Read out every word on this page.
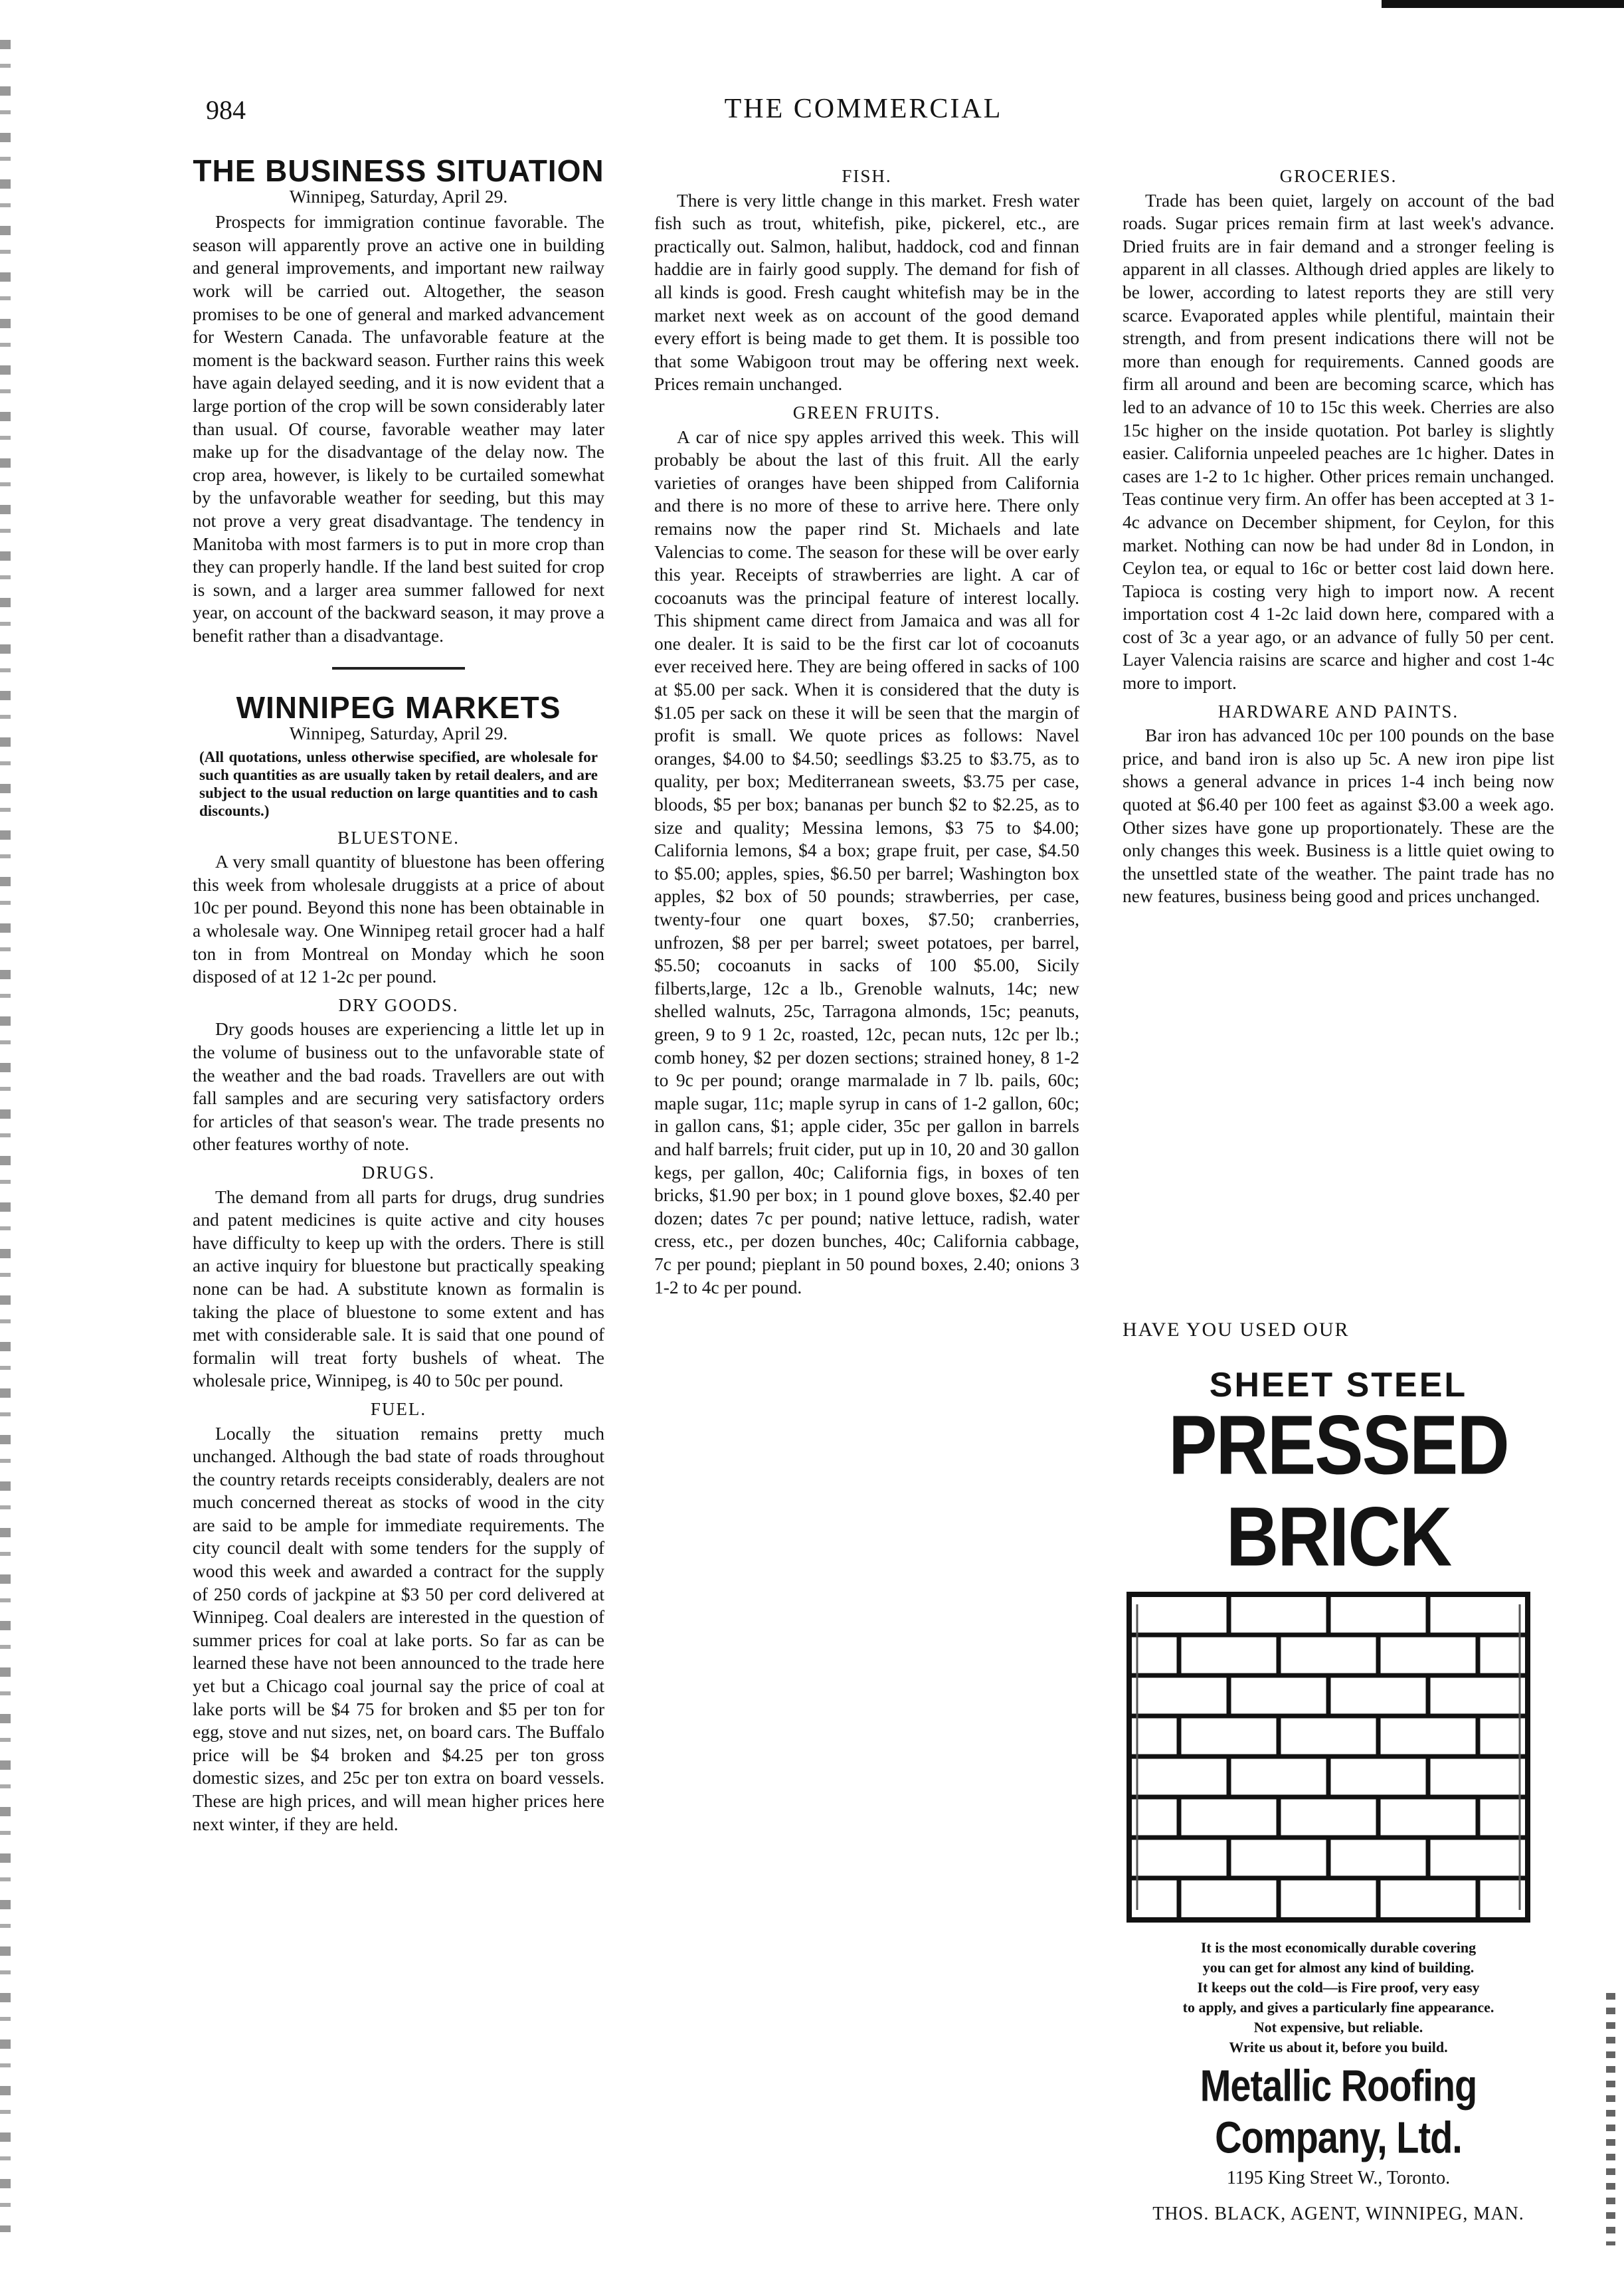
984	THE COMMERCIAL
THE BUSINESS SITUATION
Winnipeg, Saturday, April 29.

Prospects for immigration continue favorable. The season will apparently prove an active one in building and general improvements, and important new railway work will be carried out. Altogether, the season promises to be one of general and marked advancement for Western Canada. The unfavorable feature at the moment is the backward season. Further rains this week have again delayed seeding, and it is now evident that a large portion of the crop will be sown considerably later than usual. Of course, favorable weather may later make up for the disadvantage of the delay now. The crop area, however, is likely to be curtailed somewhat by the unfavorable weather for seeding, but this may not prove a very great disadvantage. The tendency in Manitoba with most farmers is to put in more crop than they can properly handle. If the land best suited for crop is sown, and a larger area summer fallowed for next year, on account of the backward season, it may prove a benefit rather than a disadvantage.

WINNIPEG MARKETS
Winnipeg, Saturday, April 29.
(All quotations, unless otherwise specified, are wholesale for such quantities as are usually taken by retail dealers, and are subject to the usual reduction on large quantities and to cash discounts.)
BLUESTONE.

A very small quantity of bluestone has been offering this week from wholesale druggists at a price of about 10c per pound. Beyond this none has been obtainable in a wholesale way. One Winnipeg retail grocer had a half ton in from Montreal on Monday which he soon disposed of at 12 1-2c per pound.

DRY GOODS.

Dry goods houses are experiencing a little let up in the volume of business out to the unfavorable state of the weather and the bad roads. Travellers are out with fall samples and are securing very satisfactory orders for articles of that season's wear. The trade presents no other features worthy of note.

DRUGS.

The demand from all parts for drugs, drug sundries and patent medicines is quite active and city houses have difficulty to keep up with the orders. There is still an active inquiry for bluestone but practically speaking none can be had. A substitute known as formalin is taking the place of bluestone to some extent and has met with considerable sale. It is said that one pound of formalin will treat forty bushels of wheat. The wholesale price, Winnipeg, is 40 to 50c per pound.

FUEL.

Locally the situation remains pretty much unchanged. Although the bad state of roads throughout the country retards receipts considerably, dealers are not much concerned thereat as stocks of wood in the city are said to be ample for immediate requirements. The city council dealt with some tenders for the supply of wood this week and awarded a contract for the supply of 250 cords of jackpine at $3 50 per cord delivered at Winnipeg. Coal dealers are interested in the question of summer prices for coal at lake ports. So far as can be learned these have not been announced to the trade here yet but a Chicago coal journal say the price of coal at lake ports will be $4 75 for broken and $5 per ton for egg, stove and nut sizes, net, on board cars. The Buffalo price will be $4 broken and $4.25 per ton gross domestic sizes, and 25c per ton extra on board vessels. These are high prices, and will mean higher prices here next winter, if they are held.

FISH.

There is very little change in this market. Fresh water fish such as trout, whitefish, pike, pickerel, etc., are practically out. Salmon, halibut, haddock, cod and finnan haddie are in fairly good supply. The demand for fish of all kinds is good. Fresh caught whitefish may be in the market next week as on account of the good demand every effort is being made to get them. It is possible too that some Wabigoon trout may be offering next week. Prices remain unchanged.

GREEN FRUITS.

A car of nice spy apples arrived this week. This will probably be about the last of this fruit. All the early varieties of oranges have been shipped from California and there is no more of these to arrive here. There only remains now the paper rind St. Michaels and late Valencias to come. The season for these will be over early this year. Receipts of strawberries are light. A car of cocoanuts was the principal feature of interest locally. This shipment came direct from Jamaica and was all for one dealer. It is said to be the first car lot of cocoanuts ever received here. They are being offered in sacks of 100 at $5.00 per sack. When it is considered that the duty is $1.05 per sack on these it will be seen that the margin of profit is small. We quote prices as follows: Navel oranges, $4.00 to $4.50; seedlings $3.25 to $3.75, as to quality, per box; Mediterranean sweets, $3.75 per case, bloods, $5 per box; bananas per bunch $2 to $2.25, as to size and quality; Messina lemons, $3 75 to $4.00; California lemons, $4 a box; grape fruit, per case, $4.50 to $5.00; apples, spies, $6.50 per barrel; Washington box apples, $2 box of 50 pounds; strawberries, per case, twenty-four one quart boxes, $7.50; cranberries, unfrozen, $8 per per barrel; sweet potatoes, per barrel, $5.50; cocoanuts in sacks of 100 $5.00, Sicily filberts,large, 12c a lb., Grenoble walnuts, 14c; new shelled walnuts, 25c, Tarragona almonds, 15c; peanuts, green, 9 to 9 1 2c, roasted, 12c, pecan nuts, 12c per lb.; comb honey, $2 per dozen sections; strained honey, 8 1-2 to 9c per pound; orange marmalade in 7 lb. pails, 60c; maple sugar, 11c; maple syrup in cans of 1-2 gallon, 60c; in gallon cans, $1; apple cider, 35c per gallon in barrels and half barrels; fruit cider, put up in 10, 20 and 30 gallon kegs, per gallon, 40c; California figs, in boxes of ten bricks, $1.90 per box; in 1 pound glove boxes, $2.40 per dozen; dates 7c per pound; native lettuce, radish, water cress, etc., per dozen bunches, 40c; California cabbage, 7c per pound; pieplant in 50 pound boxes, 2.40; onions 3 1-2 to 4c per pound.

GROCERIES.

Trade has been quiet, largely on account of the bad roads. Sugar prices remain firm at last week's advance. Dried fruits are in fair demand and a stronger feeling is apparent in all classes. Although dried apples are likely to be lower, according to latest reports they are still very scarce. Evaporated apples while plentiful, maintain their strength, and from present indications there will not be more than enough for requirements. Canned goods are firm all around and been are becoming scarce, which has led to an advance of 10 to 15c this week. Cherries are also 15c higher on the inside quotation. Pot barley is slightly easier. California unpeeled peaches are 1c higher. Dates in cases are 1-2 to 1c higher. Other prices remain unchanged. Teas continue very firm. An offer has been accepted at 3 1-4c advance on December shipment, for Ceylon, for this market. Nothing can now be had under 8d in London, in Ceylon tea, or equal to 16c or better cost laid down here. Tapioca is costing very high to import now. A recent importation cost 4 1-2c laid down here, compared with a cost of 3c a year ago, or an advance of fully 50 per cent. Layer Valencia raisins are scarce and higher and cost 1-4c more to import.

HARDWARE AND PAINTS.

Bar iron has advanced 10c per 100 pounds on the base price, and band iron is also up 5c. A new iron pipe list shows a general advance in prices 1-4 inch being now quoted at $6.40 per 100 feet as against $3.00 a week ago. Other sizes have gone up proportionately. These are the only changes this week. Business is a little quiet owing to the unsettled state of the weather. The paint trade has no new features, business being good and prices unchanged.

HAVE YOU USED OUR
SHEET STEEL
PRESSED BRICK
It is the most economically durable covering
you can get for almost any kind of building.
It keeps out the cold—is Fire proof, very easy
to apply, and gives a particularly fine appearance.
Not expensive, but reliable.
Write us about it, before you build.
Metallic Roofing Company, Ltd.
1195 King Street W., Toronto.
THOS. BLACK, AGENT, WINNIPEG, MAN.
